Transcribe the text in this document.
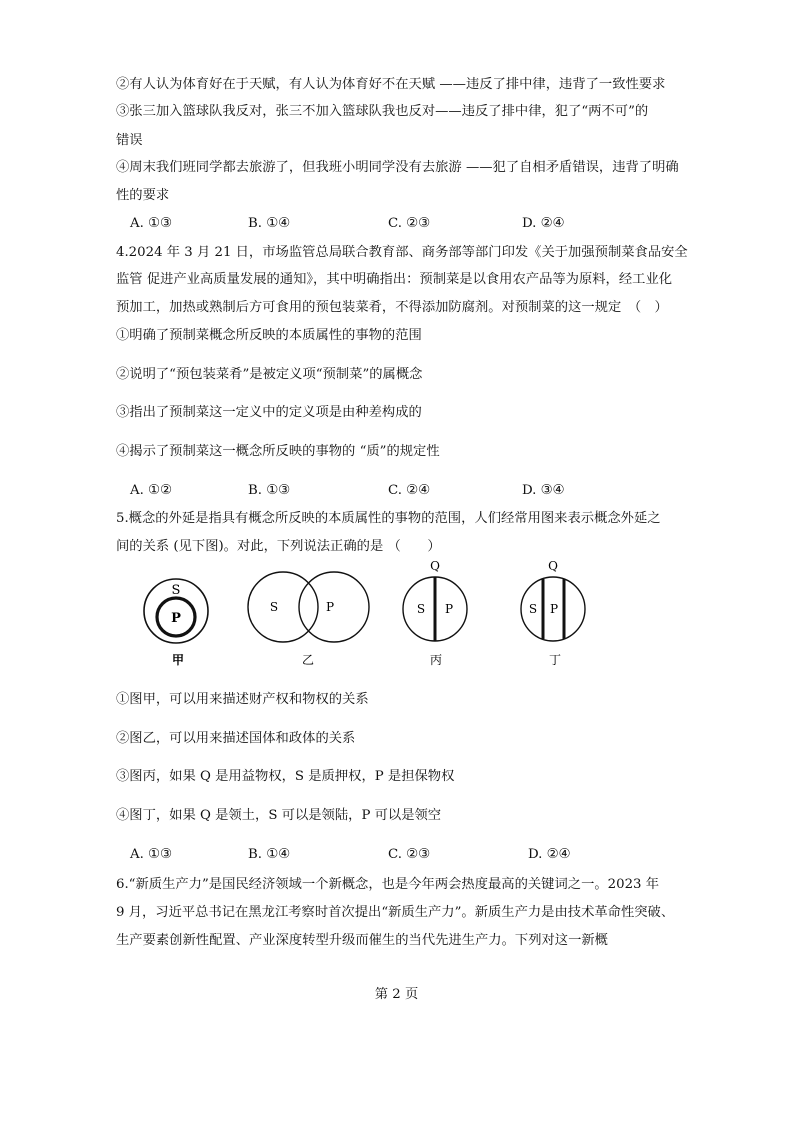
②有人认为体育好在于天赋，有人认为体育好不在天赋 ——违反了排中律，违背了一致性要求
③张三加入篮球队我反对，张三不加入篮球队我也反对——违反了排中律，犯了“两不可”的
错误
④周末我们班同学都去旅游了，但我班小明同学没有去旅游 ——犯了自相矛盾错误，违背了明确
性的要求
A. ①③	B. ①④	C. ②③	D. ②④
4.2024 年 3 月 21 日，市场监管总局联合教育部、商务部等部门印发《关于加强预制菜食品安全
监管 促进产业高质量发展的通知》，其中明确指出：预制菜是以食用农产品等为原料，经工业化
预加工，加热或熟制后方可食用的预包装菜肴，不得添加防腐剂。对预制菜的这一规定　（　）
①明确了预制菜概念所反映的本质属性的事物的范围
②说明了“预包装菜肴”是被定义项“预制菜”的属概念
③指出了预制菜这一定义中的定义项是由种差构成的
④揭示了预制菜这一概念所反映的事物的 “质”的规定性
A. ①②	B. ①③	C. ②④	D. ③④
5.概念的外延是指具有概念所反映的本质属性的事物的范围，人们经常用图来表示概念外延之
间的关系 (见下图)。对此，下列说法正确的是 （　　）
S
P
甲
S	P
乙
Q
S P
丙
Q
S P
丁
①图甲，可以用来描述财产权和物权的关系
②图乙，可以用来描述国体和政体的关系
③图丙，如果 Q 是用益物权，S 是质押权，P 是担保物权
④图丁，如果 Q 是领土，S 可以是领陆，P 可以是领空
A. ①③	B. ①④	C. ②③	D. ②④
6.“新质生产力”是国民经济领域一个新概念，也是今年两会热度最高的关键词之一。2023 年
9 月，习近平总书记在黑龙江考察时首次提出“新质生产力”。新质生产力是由技术革命性突破、
生产要素创新性配置、产业深度转型升级而催生的当代先进生产力。下列对这一新概
第 2 页
